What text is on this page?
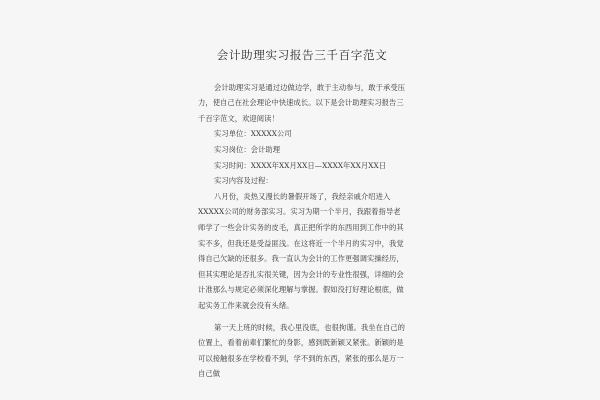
会计助理实习报告三千百字范文

会计助理实习是通过边做边学，敢于主动参与，敢于承受压力，使自己在社会理论中快速成长。以下是会计助理实习报告三千百字范文，欢迎阅读！

实习单位：XXXXX公司

实习岗位：会计助理

实习时间：XXXX年XX月XX日—XXXX年XX月XX日

实习内容及过程：

八月份，炎热又漫长的暑假开场了，我经亲戚介绍进入XXXXX公司的财务部实习。实习为期一个半月，我跟着指导老师学了一些会计实务的皮毛，真正把所学的东西用到工作中的其实不多，但我还是受益匪浅。在这将近一个半月的实习中，我觉得自己欠缺的还很多。我一直认为会计的工作更强调实操经历，但其实理论是否扎实很关键，因为会计的专业性很强，详细的会计准那么与规定必须深化理解与掌握。假如没打好理论根底，做起实务工作来就会没有头绪。

第一天上班的时候，我心里没底，也很拘谨。我坐在自己的位置上，看着前辈们繁忙的身影，感到既新颖又紧张。新颖的是可以接触很多在学校看不到，学不到的东西，紧张的那么是万一自己做
